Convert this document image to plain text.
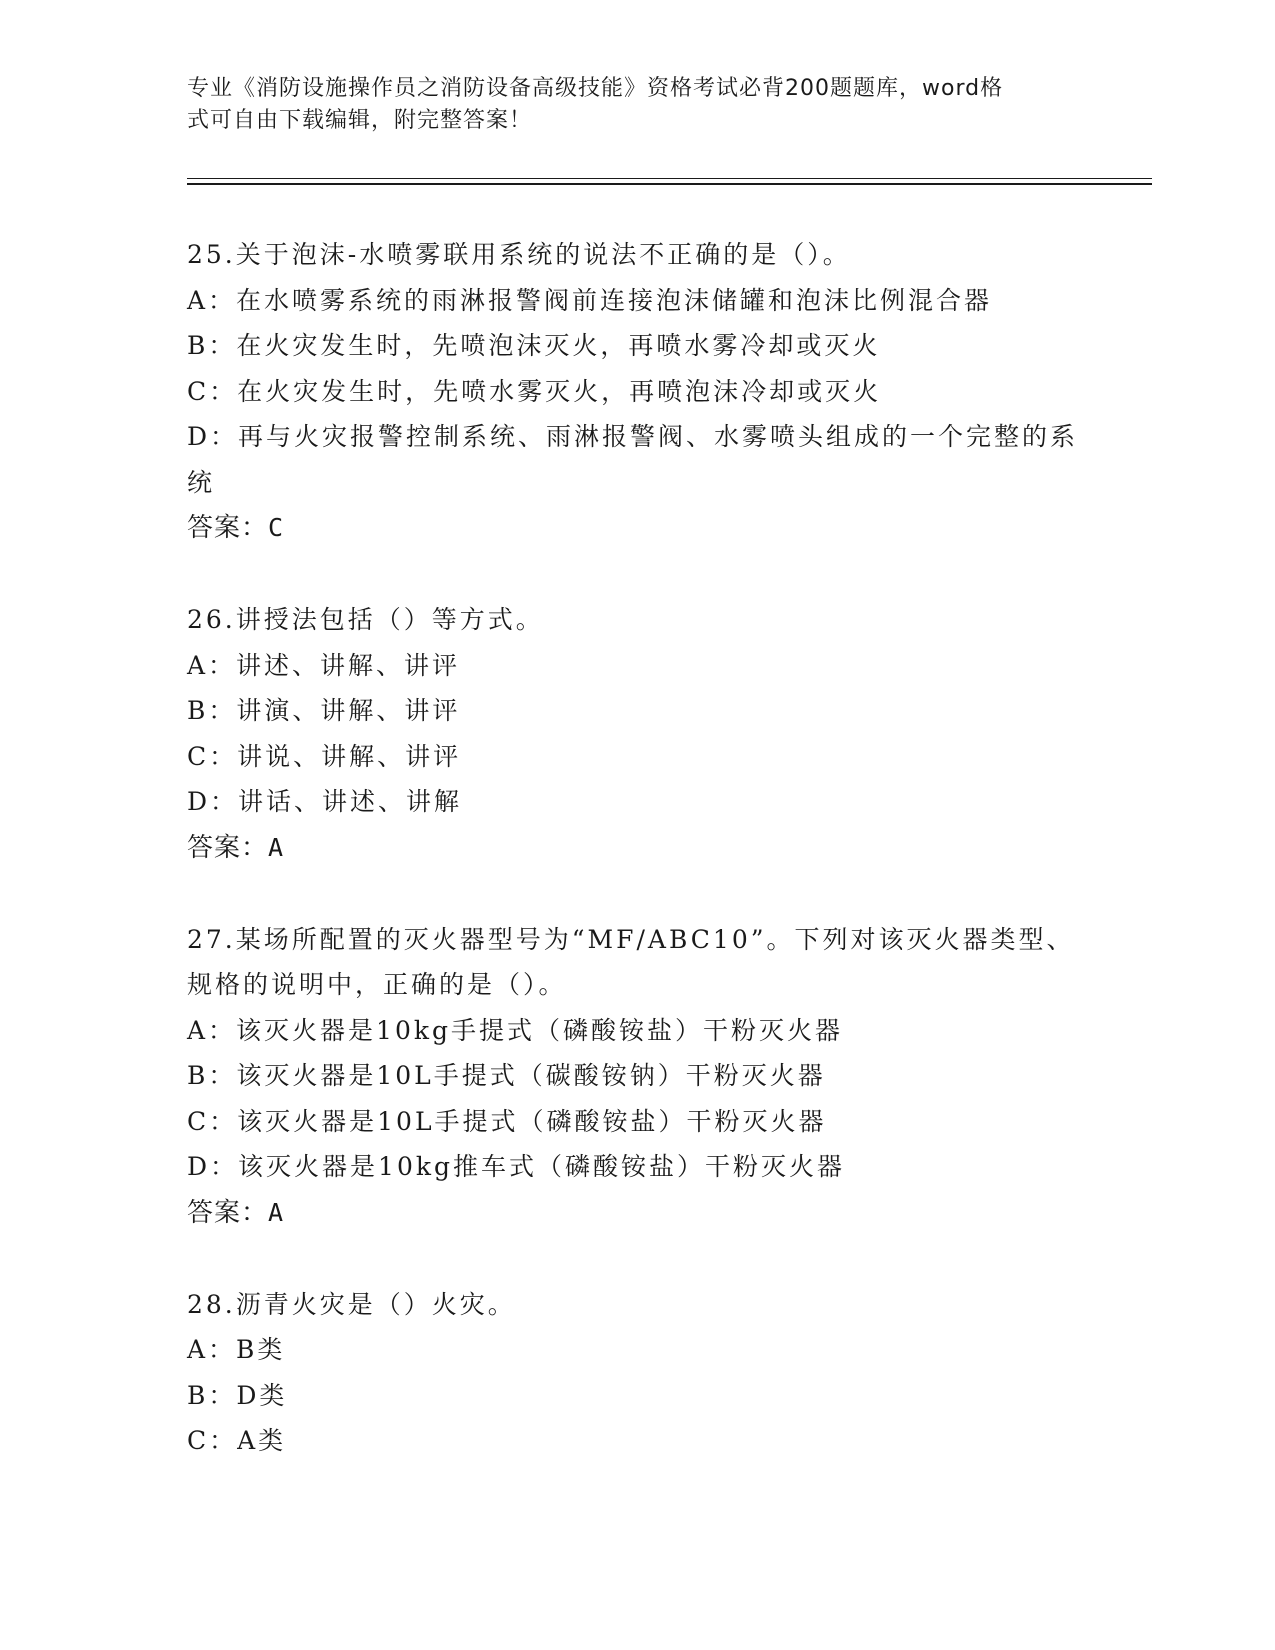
专业《消防设施操作员之消防设备高级技能》资格考试必背200题题库，word格
式可自由下载编辑，附完整答案！

25.关于泡沫-水喷雾联用系统的说法不正确的是（）。

A：在水喷雾系统的雨淋报警阀前连接泡沫储罐和泡沫比例混合器

B：在火灾发生时，先喷泡沫灭火，再喷水雾冷却或灭火

C：在火灾发生时，先喷水雾灭火，再喷泡沫冷却或灭火

D：再与火灾报警控制系统、雨淋报警阀、水雾喷头组成的一个完整的系统

答案：C

26.讲授法包括（）等方式。

A：讲述、讲解、讲评

B：讲演、讲解、讲评

C：讲说、讲解、讲评

D：讲话、讲述、讲解

答案：A

27.某场所配置的灭火器型号为“MF/ABC10”。下列对该灭火器类型、规格的说明中，正确的是（）。

A：该灭火器是10kg手提式（磷酸铵盐）干粉灭火器

B：该灭火器是10L手提式（碳酸铵钠）干粉灭火器

C：该灭火器是10L手提式（磷酸铵盐）干粉灭火器

D：该灭火器是10kg推车式（磷酸铵盐）干粉灭火器

答案：A

28.沥青火灾是（）火灾。

A：B类

B：D类

C：A类
